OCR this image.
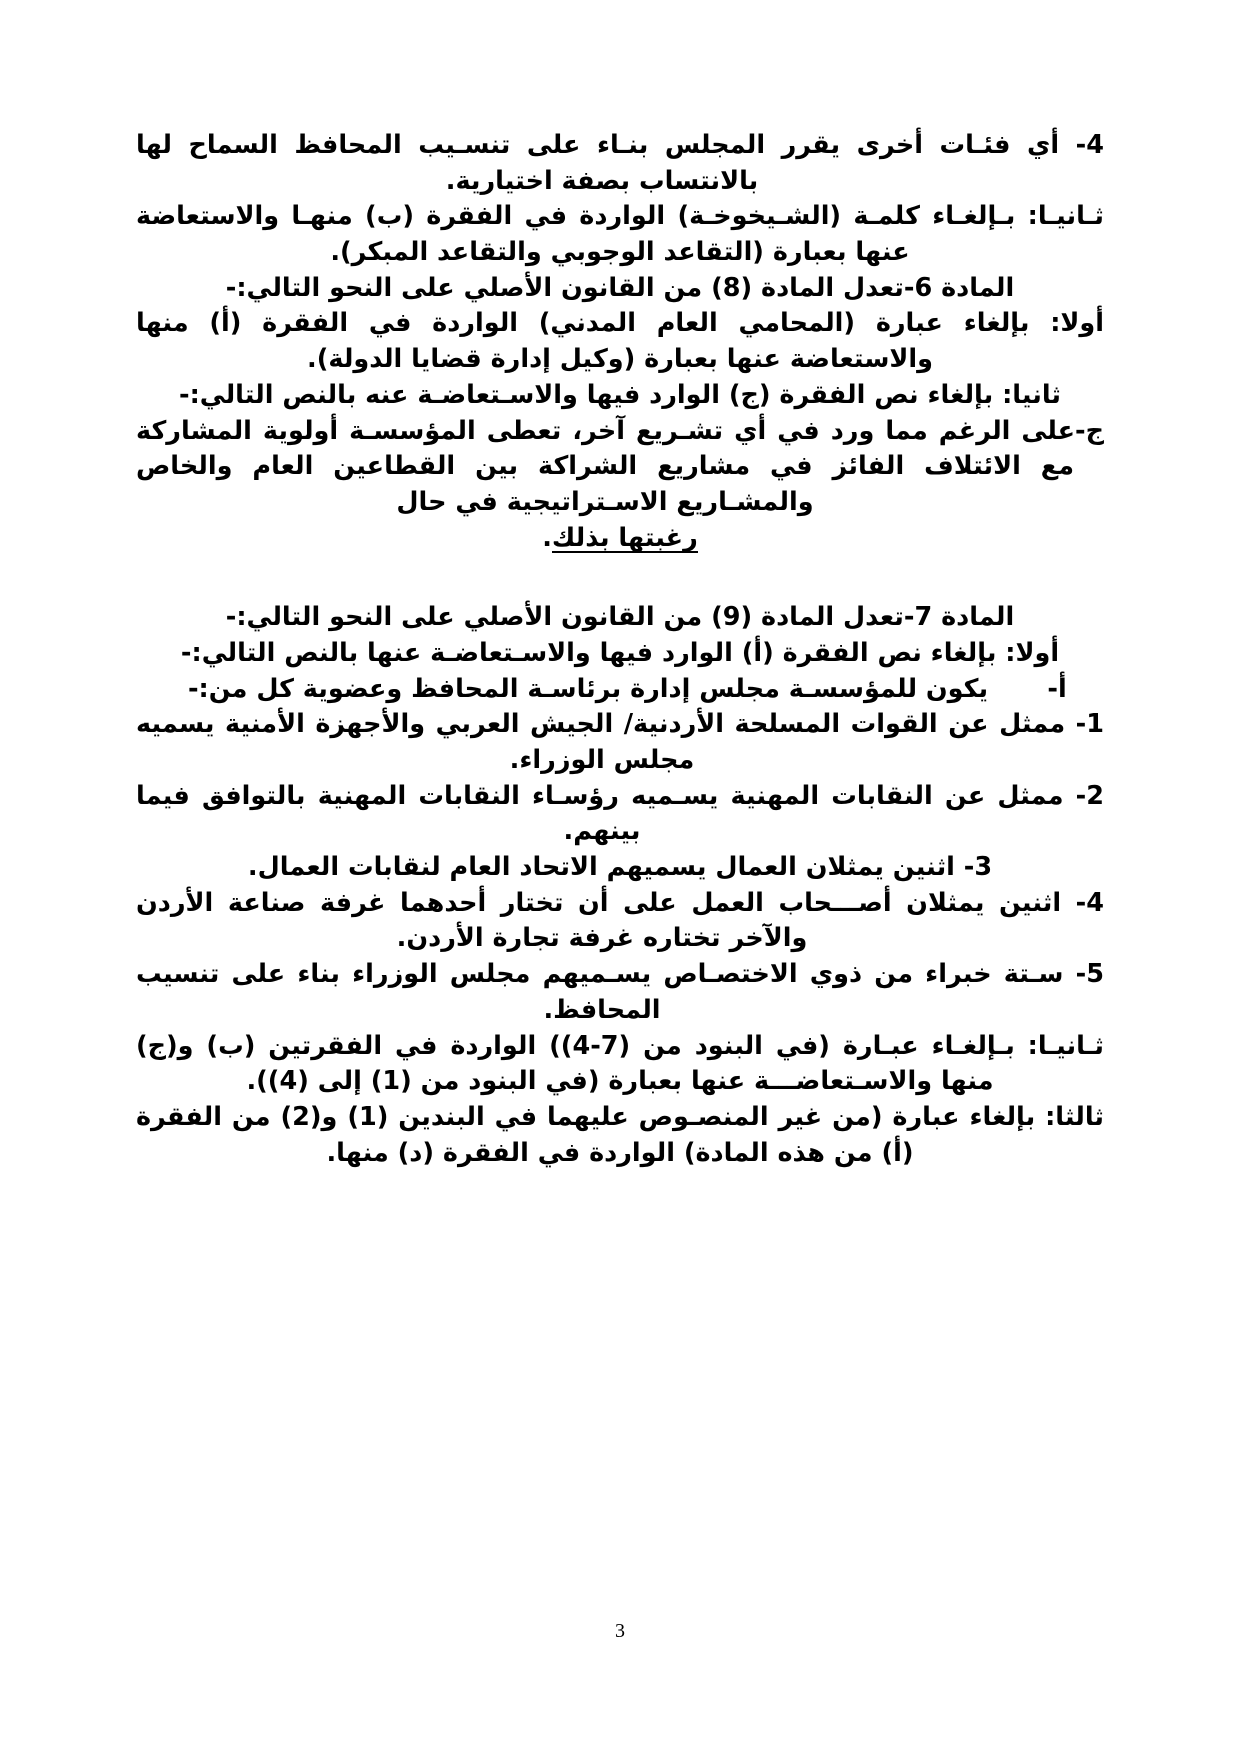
4- أي فئـات أخرى يقرر المجلس بنـاء على تنسـيب المحافظ السماح لها بالانتساب بصفة اختيارية.

ثـانيـا: بـإلغـاء كلمـة (الشـيخوخـة) الواردة في الفقرة (ب) منهـا والاستعاضة عنها بعبارة (التقاعد الوجوبي والتقاعد المبكر).

المادة 6-تعدل المادة (8) من القانون الأصلي على النحو التالي:-

أولا: بإلغاء عبارة (المحامي العام المدني) الواردة في الفقرة (أ) منها والاستعاضة عنها بعبارة (وكيل إدارة قضايا الدولة).

ثانيا: بإلغاء نص الفقرة (ج) الوارد فيها والاسـتعاضـة عنه بالنص التالي:-

ج-على الرغم مما ورد في أي تشـريع آخر، تعطى المؤسسـة أولوية المشاركة مع الائتلاف الفائز في مشاريع الشراكة بين القطاعين العام والخاص والمشـاريع الاسـتراتيجية في حال

رغبتها بذلك.

المادة 7-تعدل المادة (9) من القانون الأصلي على النحو التالي:-

أولا: بإلغاء نص الفقرة (أ) الوارد فيها والاسـتعاضـة عنها بالنص التالي:-

أ-يكون للمؤسسـة مجلس إدارة برئاسـة المحافظ وعضوية كل من:-

1- ممثل عن القوات المسلحة الأردنية/ الجيش العربي والأجهزة الأمنية يسميه مجلس الوزراء.

2- ممثل عن النقابات المهنية يسـميه رؤسـاء النقابات المهنية بالتوافق فيما بينهم.

3- اثنين يمثلان العمال يسميهم الاتحاد العام لنقابات العمال.

4- اثنين يمثلان أصـــحاب العمل على أن تختار أحدهما غرفة صناعة الأردن والآخر تختاره غرفة تجارة الأردن.

5- سـتة خبراء من ذوي الاختصـاص يسـميهم مجلس الوزراء بناء على تنسيب المحافظ.

ثـانيـا: بـإلغـاء عبـارة (في البنود من (7-4)) الواردة في الفقرتين (ب) و(ج) منها والاسـتعاضـــة عنها بعبارة (في البنود من (1) إلى (4)).

ثالثا: بإلغاء عبارة (من غير المنصـوص عليهما في البندين (1) و(2) من الفقرة (أ) من هذه المادة) الواردة في الفقرة (د) منها.

3
